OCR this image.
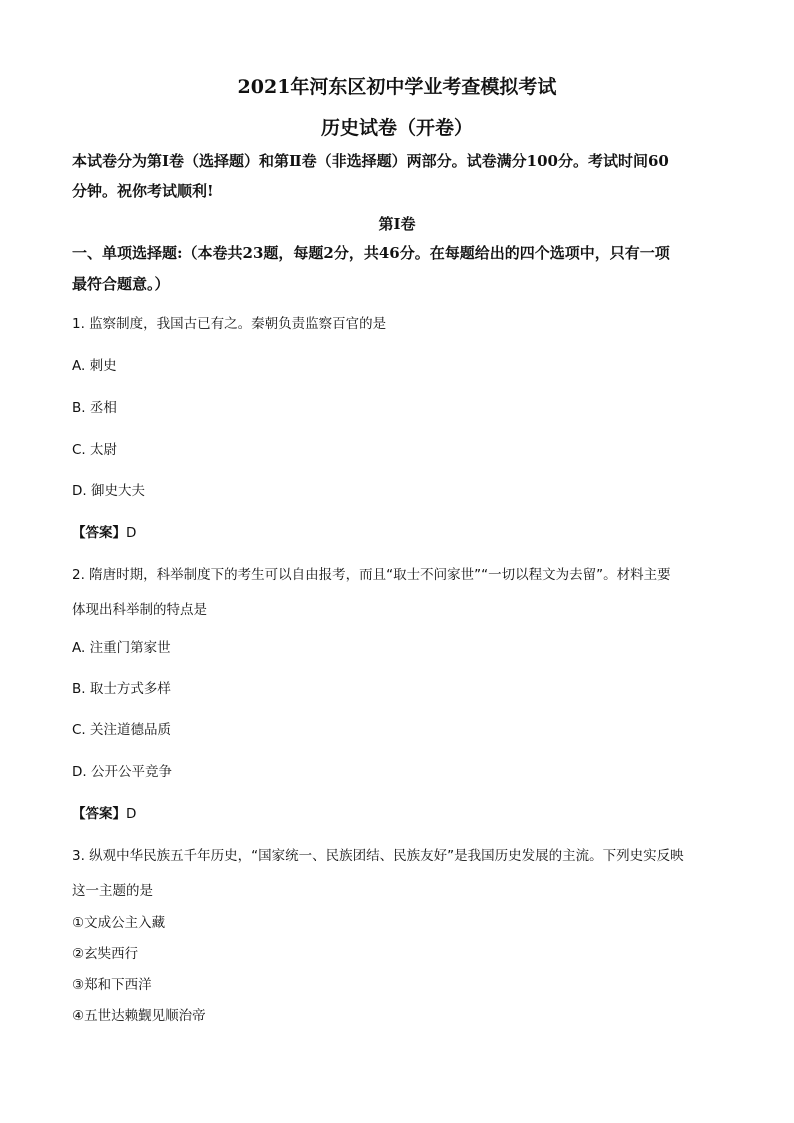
2021年河东区初中学业考查模拟考试
历史试卷（开卷）
本试卷分为第Ⅰ卷（选择题）和第Ⅱ卷（非选择题）两部分。试卷满分100分。考试时间60
分钟。祝你考试顺利!
第Ⅰ卷
一、单项选择题:（本卷共23题，每题2分，共46分。在每题给出的四个选项中，只有一项
最符合题意。）
1. 监察制度，我国古已有之。秦朝负责监察百官的是
A. 刺史
B. 丞相
C. 太尉
D. 御史大夫
【答案】D
2. 隋唐时期，科举制度下的考生可以自由报考，而且“取士不问家世”“一切以程文为去留”。材料主要
体现出科举制的特点是
A. 注重门第家世
B. 取士方式多样
C. 关注道德品质
D. 公开公平竞争
【答案】D
3. 纵观中华民族五千年历史，“国家统一、民族团结、民族友好”是我国历史发展的主流。下列史实反映
这一主题的是
①文成公主入藏
②玄奘西行
③郑和下西洋
④五世达赖觐见顺治帝
